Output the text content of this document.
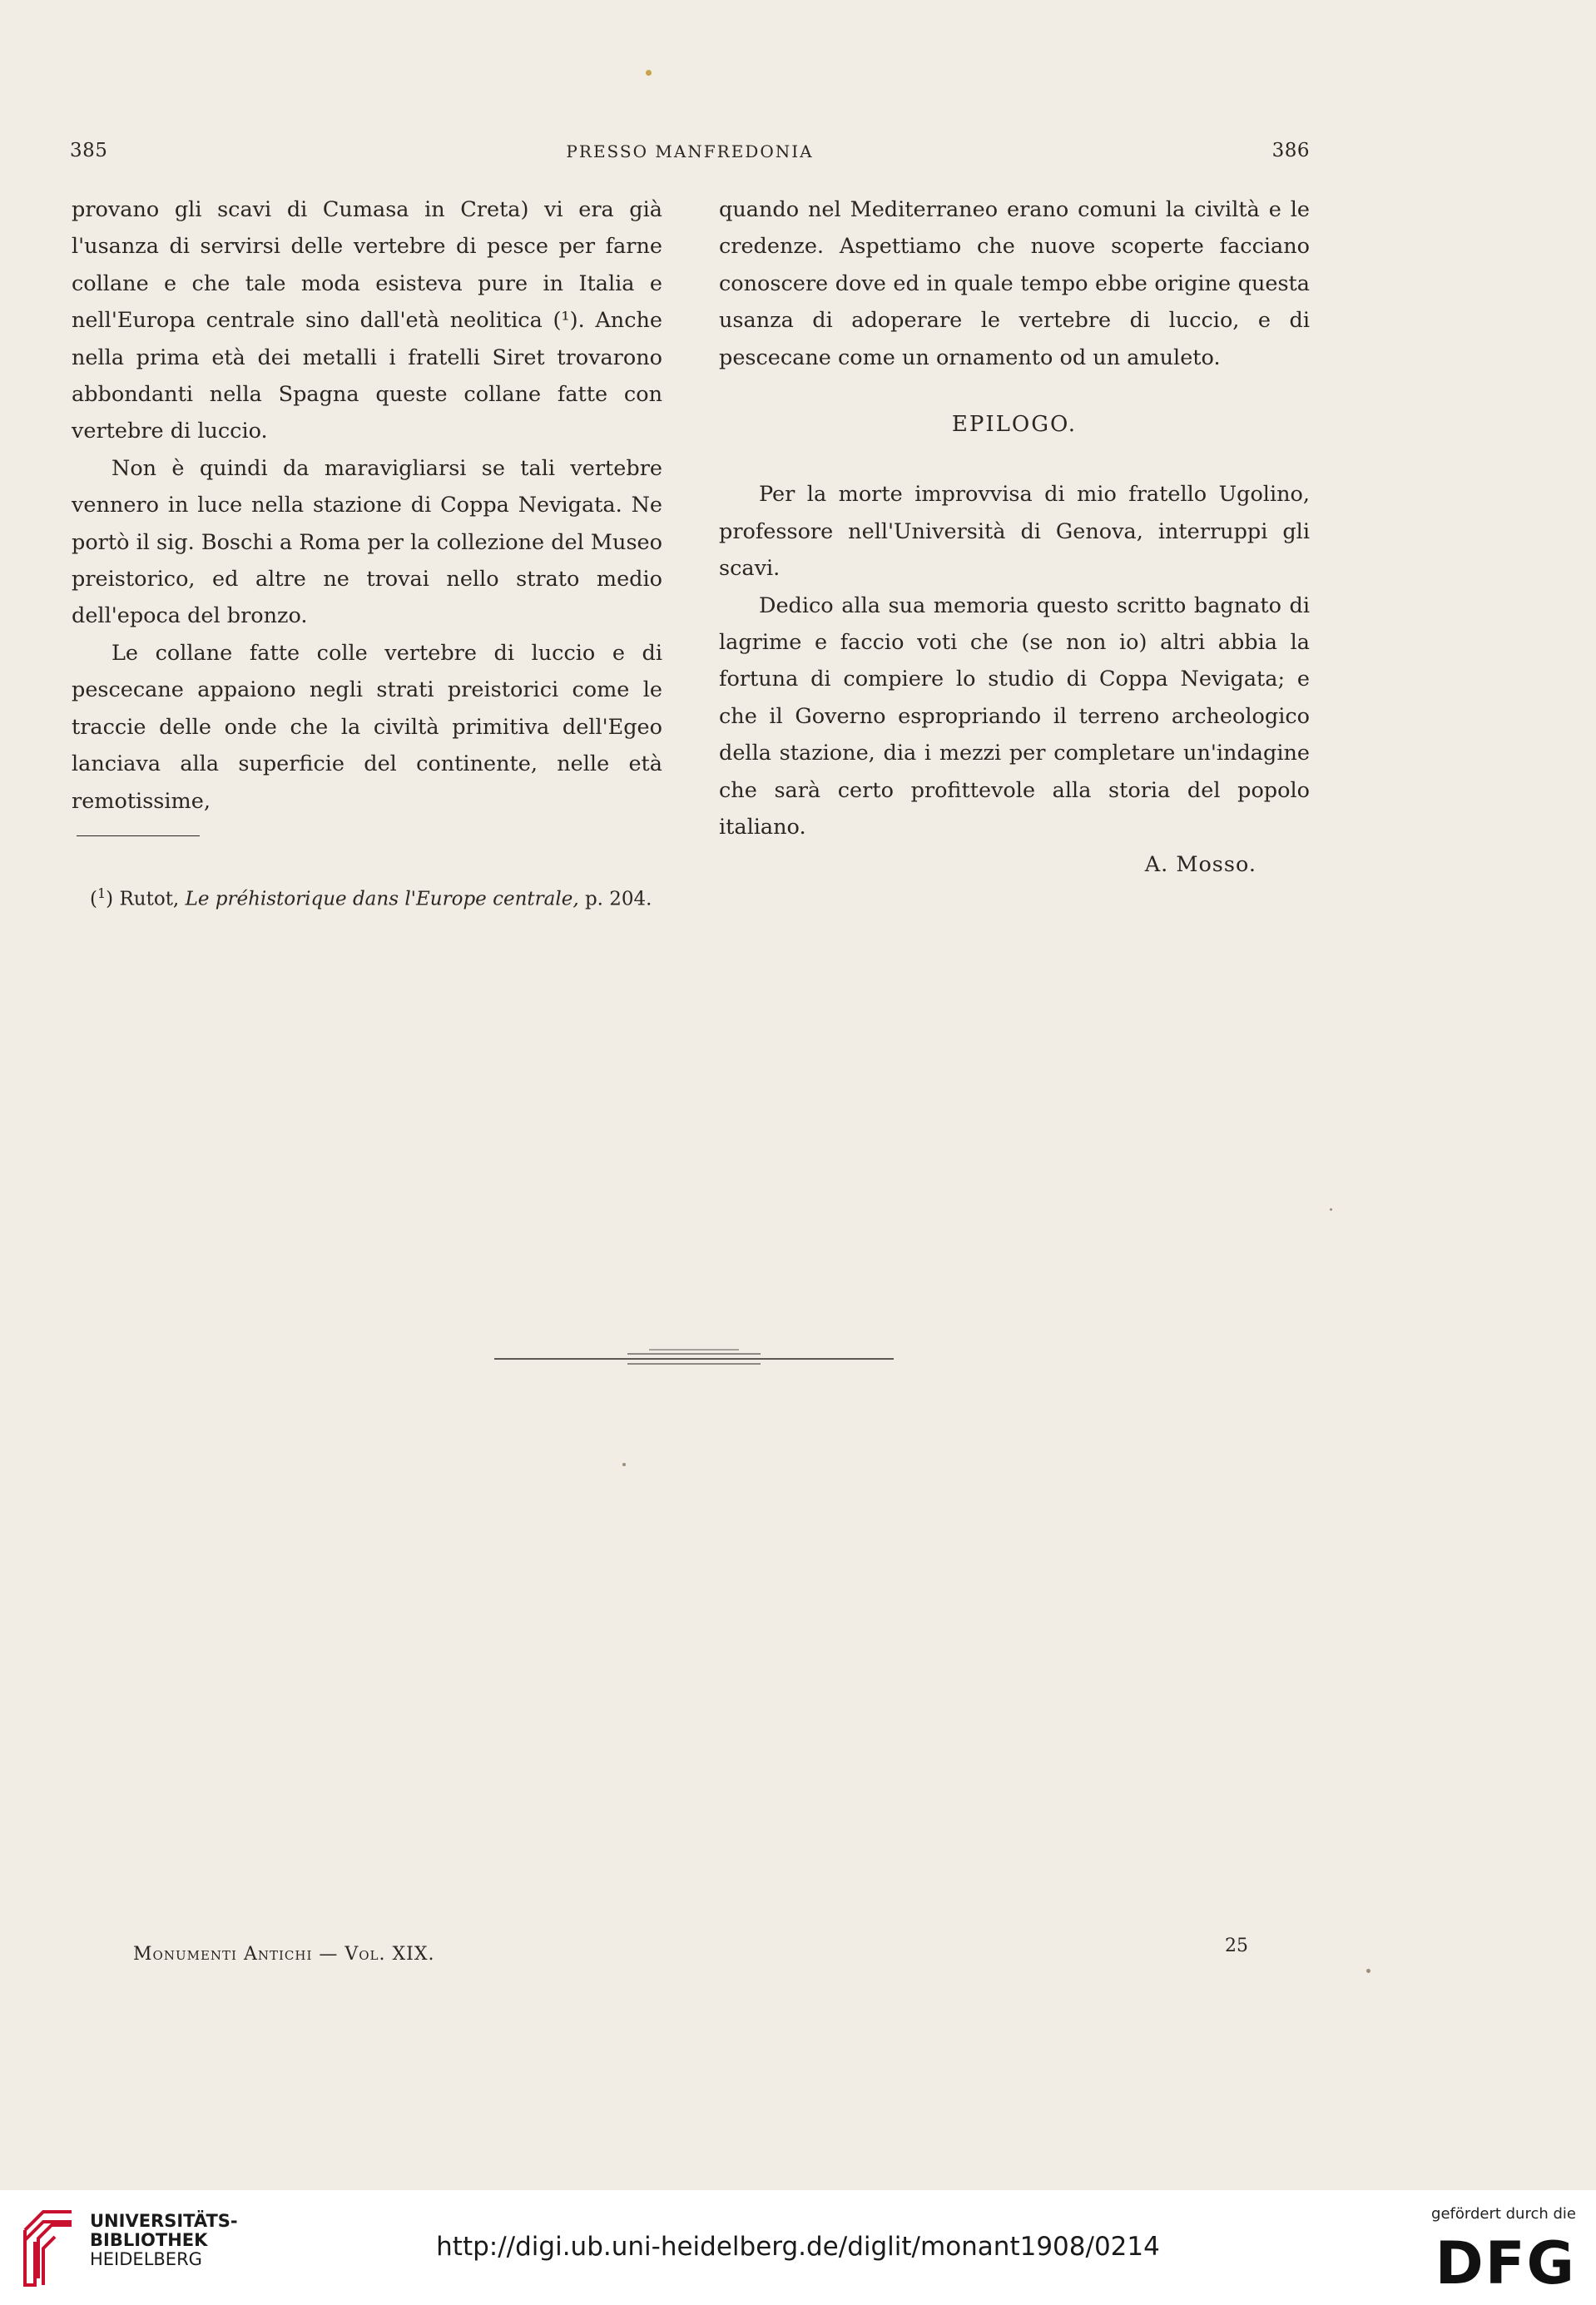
385	PRESSO MANFREDONIA	386

provano gli scavi di Cumasa in Creta) vi era già l'usanza di servirsi delle vertebre di pesce per farne collane e che tale moda esisteva pure in Italia e nell'Europa centrale sino dall'età neolitica (¹). Anche nella prima età dei metalli i fratelli Siret trovarono abbondanti nella Spagna queste collane fatte con vertebre di luccio.

Non è quindi da maravigliarsi se tali vertebre vennero in luce nella stazione di Coppa Nevigata. Ne portò il sig. Boschi a Roma per la collezione del Museo preistorico, ed altre ne trovai nello strato medio dell'epoca del bronzo.

Le collane fatte colle vertebre di luccio e di pescecane appaiono negli strati preistorici come le traccie delle onde che la civiltà primitiva dell'Egeo lanciava alla superficie del continente, nelle età remotissime,

($^1$) Rutot, Le préhistorique dans l'Europe centrale, p. 204.

quando nel Mediterraneo erano comuni la civiltà e le credenze. Aspettiamo che nuove scoperte facciano conoscere dove ed in quale tempo ebbe origine questa usanza di adoperare le vertebre di luccio, e di pescecane come un ornamento od un amuleto.

EPILOGO.

Per la morte improvvisa di mio fratello Ugolino, professore nell'Università di Genova, interruppi gli scavi.

Dedico alla sua memoria questo scritto bagnato di lagrime e faccio voti che (se non io) altri abbia la fortuna di compiere lo studio di Coppa Nevigata; e che il Governo espropriando il terreno archeologico della stazione, dia i mezzi per completare un'indagine che sarà certo profittevole alla storia del popolo italiano.

A. Mosso.
Monumenti Antichi — Vol. XIX.	25
UNIVERSITÄTS-
BIBLIOTHEK
HEIDELBERG	http://digi.ub.uni-heidelberg.de/diglit/monant1908/0214
gefördert durch die
DFG
